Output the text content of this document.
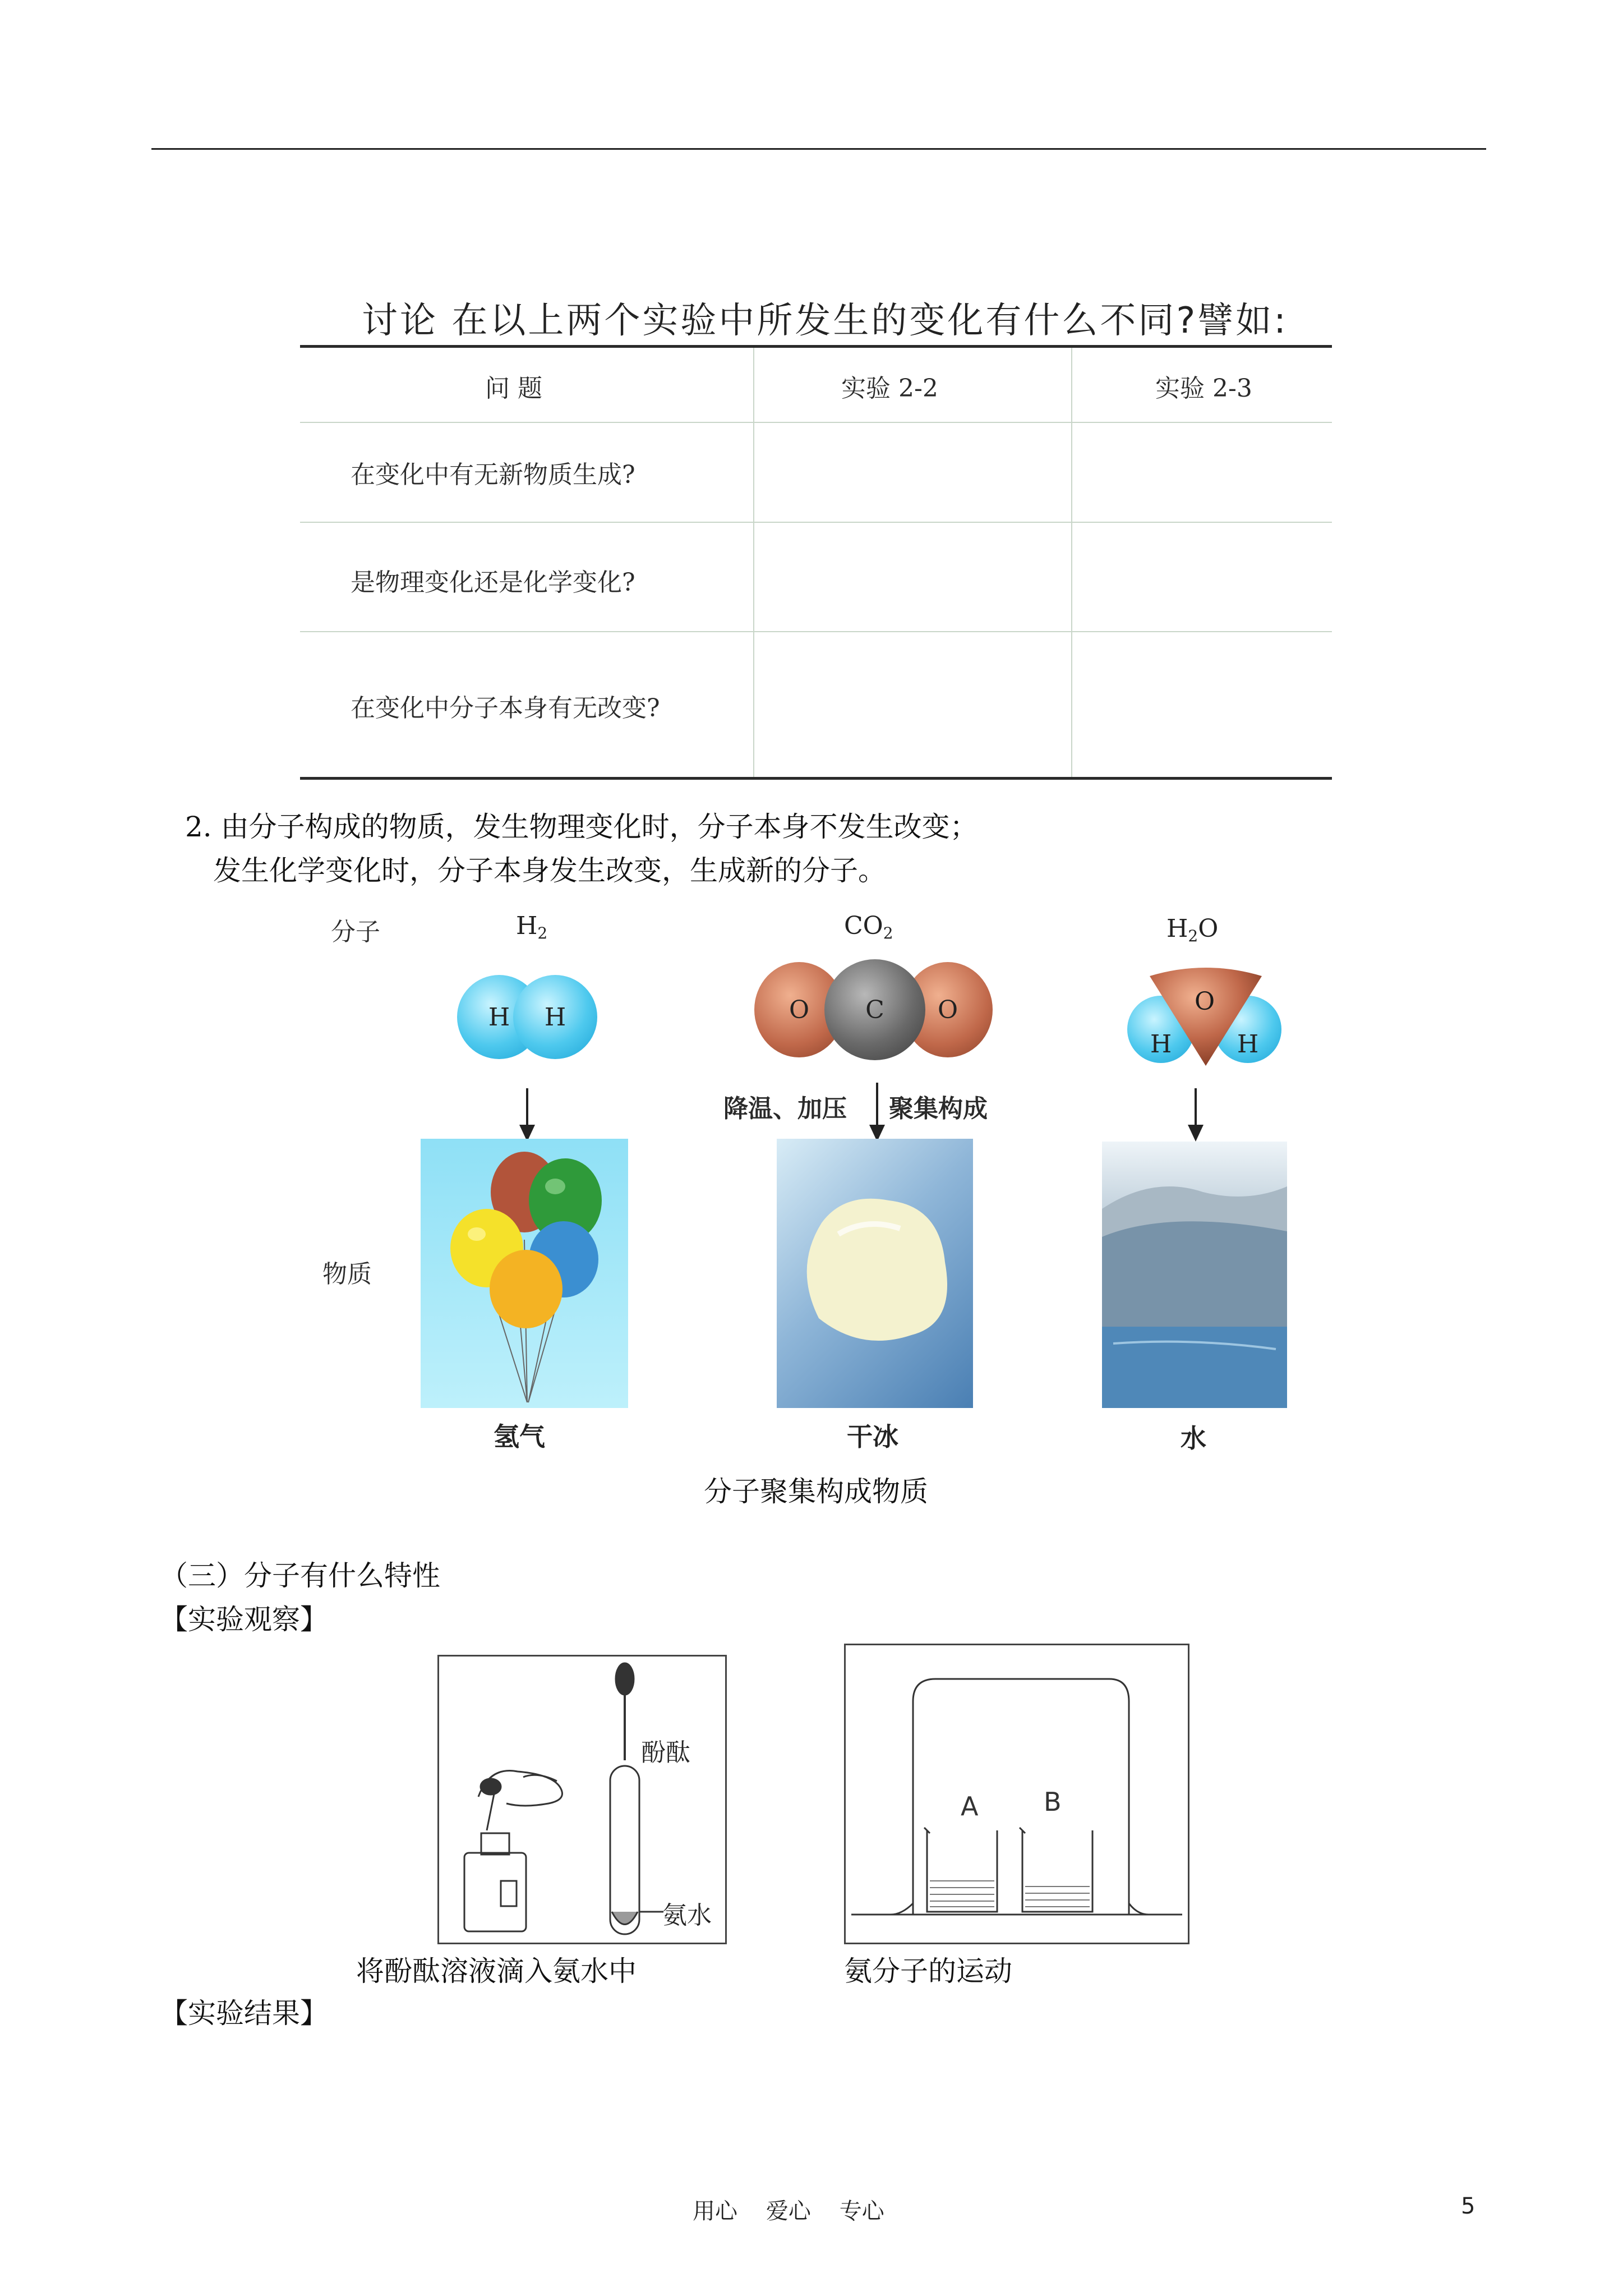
讨论 在以上两个实验中所发生的变化有什么不同?譬如:
问 题	实验 2-2	实验 2-3
在变化中有无新物质生成?
是物理变化还是化学变化?
在变化中分子本身有无改变?
2. 由分子构成的物质，发生物理变化时，分子本身不发生改变；
发生化学变化时，分子本身发生改变，生成新的分子。
分子
物质
$H_2$	$CO_2$	$H_2O$
H H	O	O
C
H	H
O
降温、加压 聚集构成
氢气	干冰	水
分子聚集构成物质
（三）分子有什么特性
【实验观察】
酚酞
氨水
将酚酞溶液滴入氨水中
A	B
氨分子的运动
【实验结果】
用心    爱心    专心	5
